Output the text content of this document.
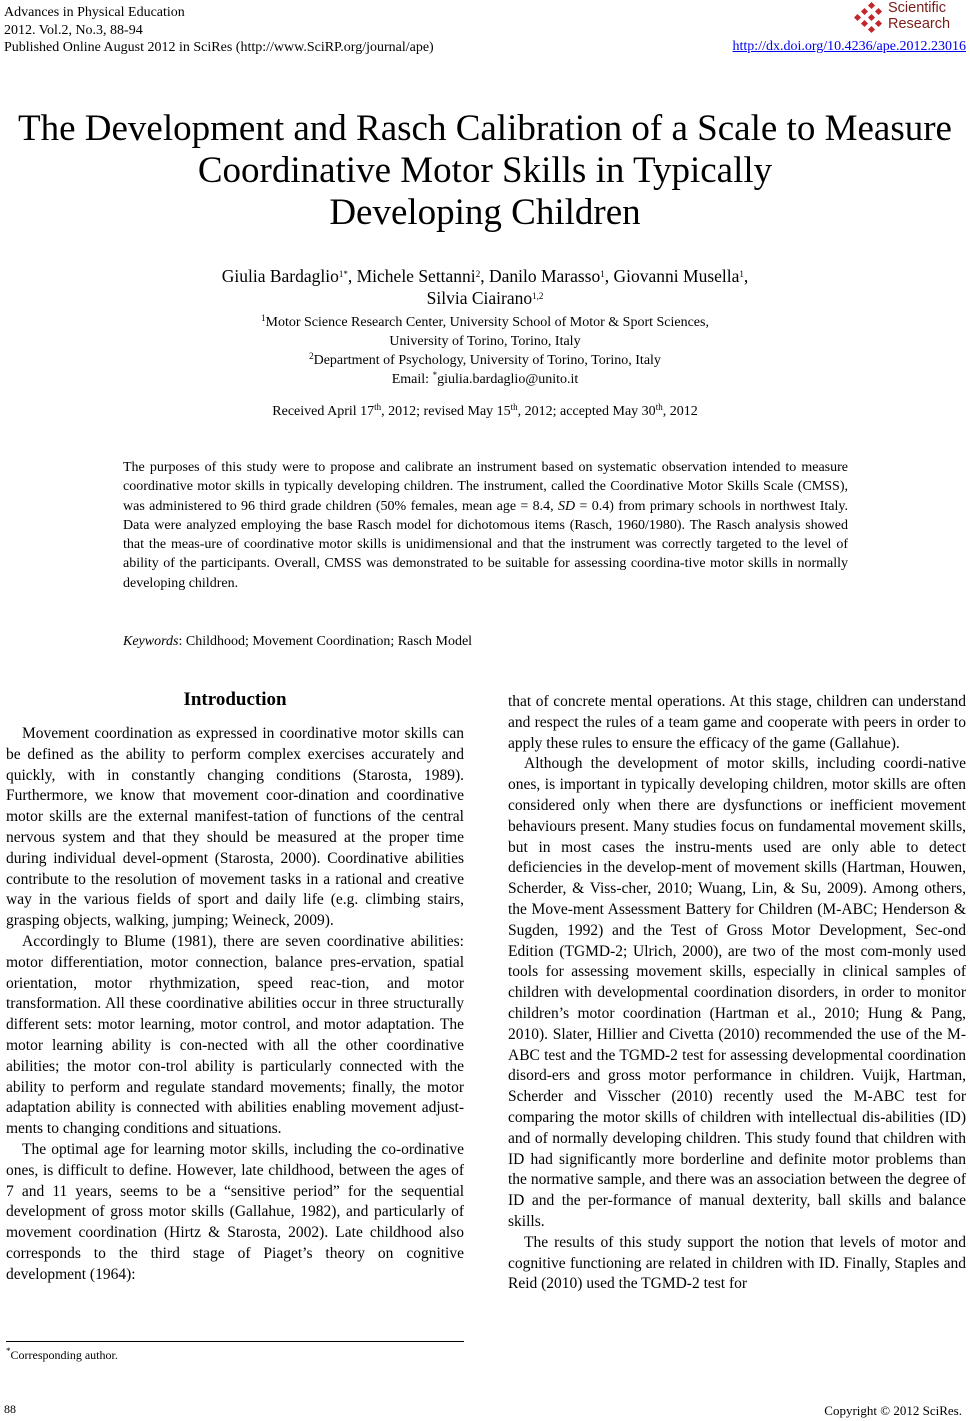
Advances in Physical Education
2012. Vol.2, No.3, 88-94
Published Online August 2012 in SciRes (http://www.SciRP.org/journal/ape)
Scientific
Research
http://dx.doi.org/10.4236/ape.2012.23016
The Development and Rasch Calibration of a Scale to Measure
Coordinative Motor Skills in Typically
Developing Children
Giulia Bardaglio$^{1*}$, Michele Settanni$^2$, Danilo Marasso$^1$, Giovanni Musella$^1$,
Silvia Ciairano$^{1,2}$
$^1$Motor Science Research Center, University School of Motor & Sport Sciences,
University of Torino, Torino, Italy
$^2$Department of Psychology, University of Torino, Torino, Italy
Email: *giulia.bardaglio@unito.it
Received April 17th, 2012; revised May 15th, 2012; accepted May 30th, 2012
The purposes of this study were to propose and calibrate an instrument based on systematic observation intended to measure coordinative motor skills in typically developing children. The instrument, called the Coordinative Motor Skills Scale (CMSS), was administered to 96 third grade children (50% females, mean age = 8.4, SD = 0.4) from primary schools in northwest Italy. Data were analyzed employing the base Rasch model for dichotomous items (Rasch, 1960/1980). The Rasch analysis showed that the meas-ure of coordinative motor skills is unidimensional and that the instrument was correctly targeted to the level of ability of the participants. Overall, CMSS was demonstrated to be suitable for assessing coordina-tive motor skills in normally developing children.
Keywords: Childhood; Movement Coordination; Rasch Model
Introduction

Movement coordination as expressed in coordinative motor skills can be defined as the ability to perform complex exercises accurately and quickly, with in constantly changing conditions (Starosta, 1989). Furthermore, we know that movement coor-dination and coordinative motor skills are the external manifest-tation of functions of the central nervous system and that they should be measured at the proper time during individual devel-opment (Starosta, 2000). Coordinative abilities contribute to the resolution of movement tasks in a rational and creative way in the various fields of sport and daily life (e.g. climbing stairs, grasping objects, walking, jumping; Weineck, 2009).

Accordingly to Blume (1981), there are seven coordinative abilities: motor differentiation, motor connection, balance pres-ervation, spatial orientation, motor rhythmization, speed reac-tion, and motor transformation. All these coordinative abilities occur in three structurally different sets: motor learning, motor control, and motor adaptation. The motor learning ability is con-nected with all the other coordinative abilities; the motor con-trol ability is particularly connected with the ability to perform and regulate standard movements; finally, the motor adaptation ability is connected with abilities enabling movement adjust-ments to changing conditions and situations.

The optimal age for learning motor skills, including the co-ordinative ones, is difficult to define. However, late childhood, between the ages of 7 and 11 years, seems to be a “sensitive period” for the sequential development of gross motor skills (Gallahue, 1982), and particularly of movement coordination (Hirtz & Starosta, 2002). Late childhood also corresponds to the third stage of Piaget’s theory on cognitive development (1964):

that of concrete mental operations. At this stage, children can understand and respect the rules of a team game and cooperate with peers in order to apply these rules to ensure the efficacy of the game (Gallahue).

Although the development of motor skills, including coordi-native ones, is important in typically developing children, motor skills are often considered only when there are dysfunctions or inefficient movement behaviours present. Many studies focus on fundamental movement skills, but in most cases the instru-ments used are only able to detect deficiencies in the develop-ment of movement skills (Hartman, Houwen, Scherder, & Viss-cher, 2010; Wuang, Lin, & Su, 2009). Among others, the Move-ment Assessment Battery for Children (M-ABC; Henderson & Sugden, 1992) and the Test of Gross Motor Development, Sec-ond Edition (TGMD-2; Ulrich, 2000), are two of the most com-monly used tools for assessing movement skills, especially in clinical samples of children with developmental coordination disorders, in order to monitor children’s motor coordination (Hartman et al., 2010; Hung & Pang, 2010). Slater, Hillier and Civetta (2010) recommended the use of the M-ABC test and the TGMD-2 test for assessing developmental coordination disord-ers and gross motor performance in children. Vuijk, Hartman, Scherder and Visscher (2010) recently used the M-ABC test for comparing the motor skills of children with intellectual dis-abilities (ID) and of normally developing children. This study found that children with ID had significantly more borderline and definite motor problems than the normative sample, and there was an association between the degree of ID and the per-formance of manual dexterity, ball skills and balance skills.

The results of this study support the notion that levels of motor and cognitive functioning are related in children with ID. Finally, Staples and Reid (2010) used the TGMD-2 test for

*Corresponding author.
88	Copyright © 2012 SciRes.
